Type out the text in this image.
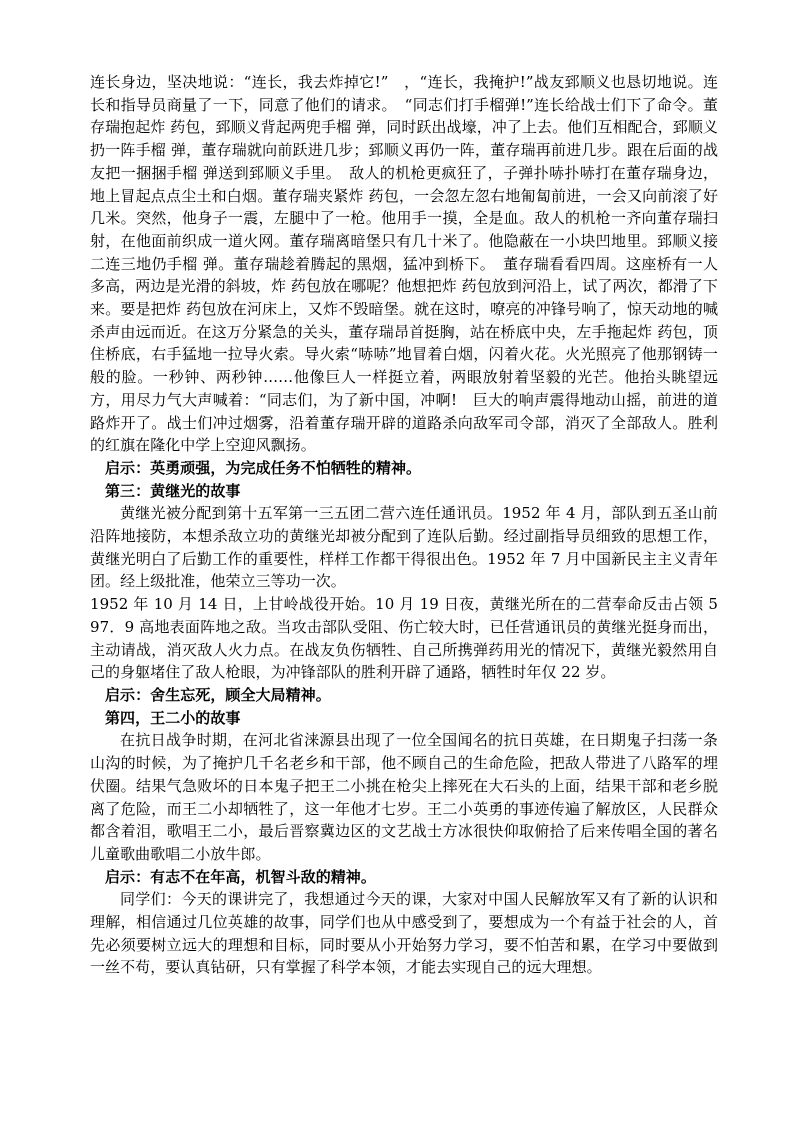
连长身边，坚决地说：“连长，我去炸掉它!”　，“连长，我掩护!”战友郅顺义也恳切地说。连长和指导员商量了一下，同意了他们的请求。　“同志们打手榴弹!”连长给战士们下了命令。董存瑞抱起炸 药包，郅顺义背起两兜手榴 弹，同时跃出战壕，冲了上去。他们互相配合，郅顺义扔一阵手榴 弹，董存瑞就向前跃进几步；郅顺义再仍一阵，董存瑞再前进几步。跟在后面的战友把一捆捆手榴 弹送到郅顺义手里。　敌人的机枪更疯狂了，子弹扑哧扑哧打在董存瑞身边，地上冒起点点尘土和白烟。董存瑞夹紧炸 药包，一会忽左忽右地匍匐前进，一会又向前滚了好几米。突然，他身子一震，左腿中了一枪。他用手一摸，全是血。敌人的机枪一齐向董存瑞扫射，在他面前织成一道火网。董存瑞离暗堡只有几十米了。他隐蔽在一小块凹地里。郅顺义接二连三地仍手榴 弹。董存瑞趁着腾起的黑烟，猛冲到桥下。　董存瑞看看四周。这座桥有一人多高，两边是光滑的斜坡，炸 药包放在哪呢？他想把炸 药包放到河沿上，试了两次，都滑了下来。要是把炸 药包放在河床上，又炸不毁暗堡。就在这时，嘹亮的冲锋号响了，惊天动地的喊杀声由远而近。在这万分紧急的关头，董存瑞昂首挺胸，站在桥底中央，左手拖起炸 药包，顶住桥底，右手猛地一拉导火索。导火索“哧哧”地冒着白烟，闪着火花。火光照亮了他那钢铸一般的脸。一秒钟、两秒钟……他像巨人一样挺立着，两眼放射着坚毅的光芒。他抬头眺望远方，用尽力气大声喊着：“同志们，为了新中国，冲啊!　巨大的响声震得地动山摇，前进的道路炸开了。战士们冲过烟雾，沿着董存瑞开辟的道路杀向敌军司令部，消灭了全部敌人。胜利的红旗在隆化中学上空迎风飘扬。

启示：英勇顽强，为完成任务不怕牺牲的精神。

第三：黄继光的故事

黄继光被分配到第十五军第一三五团二营六连任通讯员。1952 年 4 月，部队到五圣山前沿阵地接防，本想杀敌立功的黄继光却被分配到了连队后勤。经过副指导员细致的思想工作，黄继光明白了后勤工作的重要性，样样工作都干得很出色。1952 年 7 月中国新民主主义青年团。经上级批准，他荣立三等功一次。

1952 年 10 月 14 日，上甘岭战役开始。10 月 19 日夜，黄继光所在的二营奉命反击占领 597．9 高地表面阵地之敌。当攻击部队受阻、伤亡较大时，已任营通讯员的黄继光挺身而出，主动请战，消灭敌人火力点。在战友负伤牺牲、自己所携弹药用光的情况下，黄继光毅然用自己的身躯堵住了敌人枪眼，为冲锋部队的胜利开辟了通路，牺牲时年仅 22 岁。

启示：舍生忘死，顾全大局精神。

第四，王二小的故事

在抗日战争时期，在河北省涞源县出现了一位全国闻名的抗日英雄，在日期鬼子扫荡一条山沟的时候，为了掩护几千名老乡和干部，他不顾自己的生命危险，把敌人带进了八路军的埋伏圈。结果气急败坏的日本鬼子把王二小挑在枪尖上摔死在大石头的上面，结果干部和老乡脱离了危险，而王二小却牺牲了，这一年他才七岁。王二小英勇的事迹传遍了解放区，人民群众都含着泪，歌唱王二小，最后晋察冀边区的文艺战士方冰很快仰取俯拾了后来传唱全国的著名儿童歌曲歌唱二小放牛郎。

启示：有志不在年高，机智斗敌的精神。

同学们：今天的课讲完了，我想通过今天的课，大家对中国人民解放军又有了新的认识和理解，相信通过几位英雄的故事，同学们也从中感受到了，要想成为一个有益于社会的人，首先必须要树立远大的理想和目标，同时要从小开始努力学习，要不怕苦和累，在学习中要做到一丝不苟，要认真钻研，只有掌握了科学本领，才能去实现自己的远大理想。
